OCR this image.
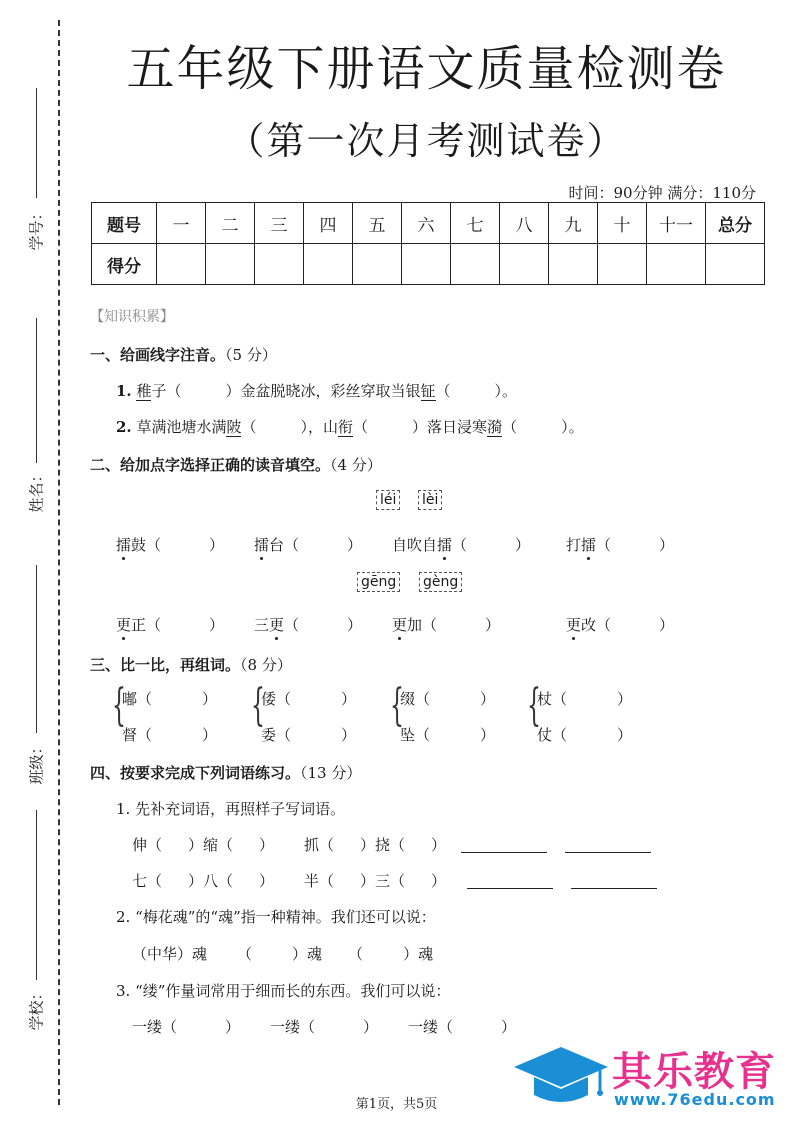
学号：
姓名：
班级：
学校：
五年级下册语文质量检测卷
（第一次月考测试卷）
时间：90分钟 满分：110分
题号	一	二	三	四	五	六	七	八	九	十	十一	总分
得分												
【知识积累】
一、给画线字注音。（5 分）
1. 稚子（	）金盆脱晓冰，彩丝穿取当银钲（	）。
2. 草满池塘水满陂（	），山衔（	）落日浸寒漪（	）。
二、给加点字选择正确的读音填空。（4 分）
léi lèi
擂鼓（	） 擂台（	） 自吹自擂（	） 打擂（	）
gēng gèng
更正（	） 三更（	） 更加（	）	更改（	）
三、比一比，再组词。（8 分）
{
嘟（	）
督（	）
{
倭（	）
委（	）
{
缀（	）
坠（	）
{
杖（	）
仗（	）
四、按要求完成下列词语练习。（13 分）
1. 先补充词语，再照样子写词语。
伸（ ）缩（ ） 抓（ ）挠（ ）
七（ ）八（ ） 半（ ）三（ ）
2. “梅花魂”的“魂”指一种精神。我们还可以说：
（中华）魂 （	）魂 （	）魂
3. “缕”作量词常用于细而长的东西。我们可以说：
一缕（	） 一缕（	） 一缕（	）
第1页，共5页
其乐教育
www.76edu.com
